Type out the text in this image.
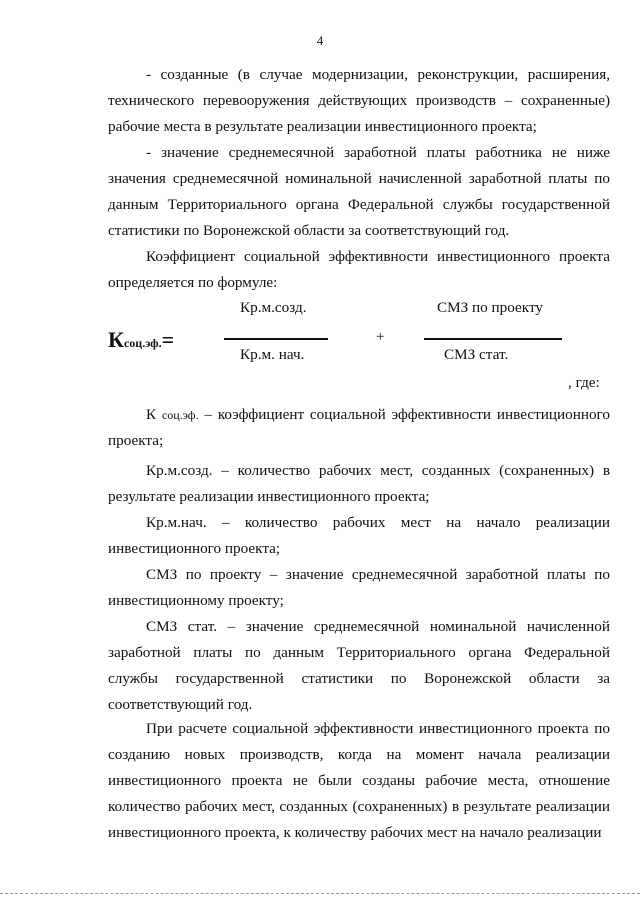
4

- созданные (в случае модернизации, реконструкции, расширения, технического перевооружения действующих производств – сохраненные) рабочие места в результате реализации инвестиционного проекта;

- значение среднемесячной заработной платы работника не ниже значения среднемесячной номинальной начисленной заработной платы по данным Территориального органа Федеральной службы государственной статистики по Воронежской области за соответствующий год.

Коэффициент социальной эффективности инвестиционного проекта определяется по формуле:

Ксоц.эф.=
Кр.м.созд.
Кр.м. нач.
+
СМЗ по проекту
СМЗ стат.
, где:

К соц.эф. – коэффициент социальной эффективности инвестиционного проекта;

Кр.м.созд. – количество рабочих мест, созданных (сохраненных) в результате реализации инвестиционного проекта;

Кр.м.нач. – количество рабочих мест на начало реализации инвестиционного проекта;

СМЗ по проекту – значение среднемесячной заработной платы по инвестиционному проекту;

СМЗ стат. – значение среднемесячной номинальной начисленной заработной платы по данным Территориального органа Федеральной службы государственной статистики по Воронежской области за соответствующий год.

При расчете социальной эффективности инвестиционного проекта по созданию новых производств, когда на момент начала реализации инвестиционного проекта не были созданы рабочие места, отношение количество рабочих мест, созданных (сохраненных) в результате реализации инвестиционного проекта, к количеству рабочих мест на начало реализации
